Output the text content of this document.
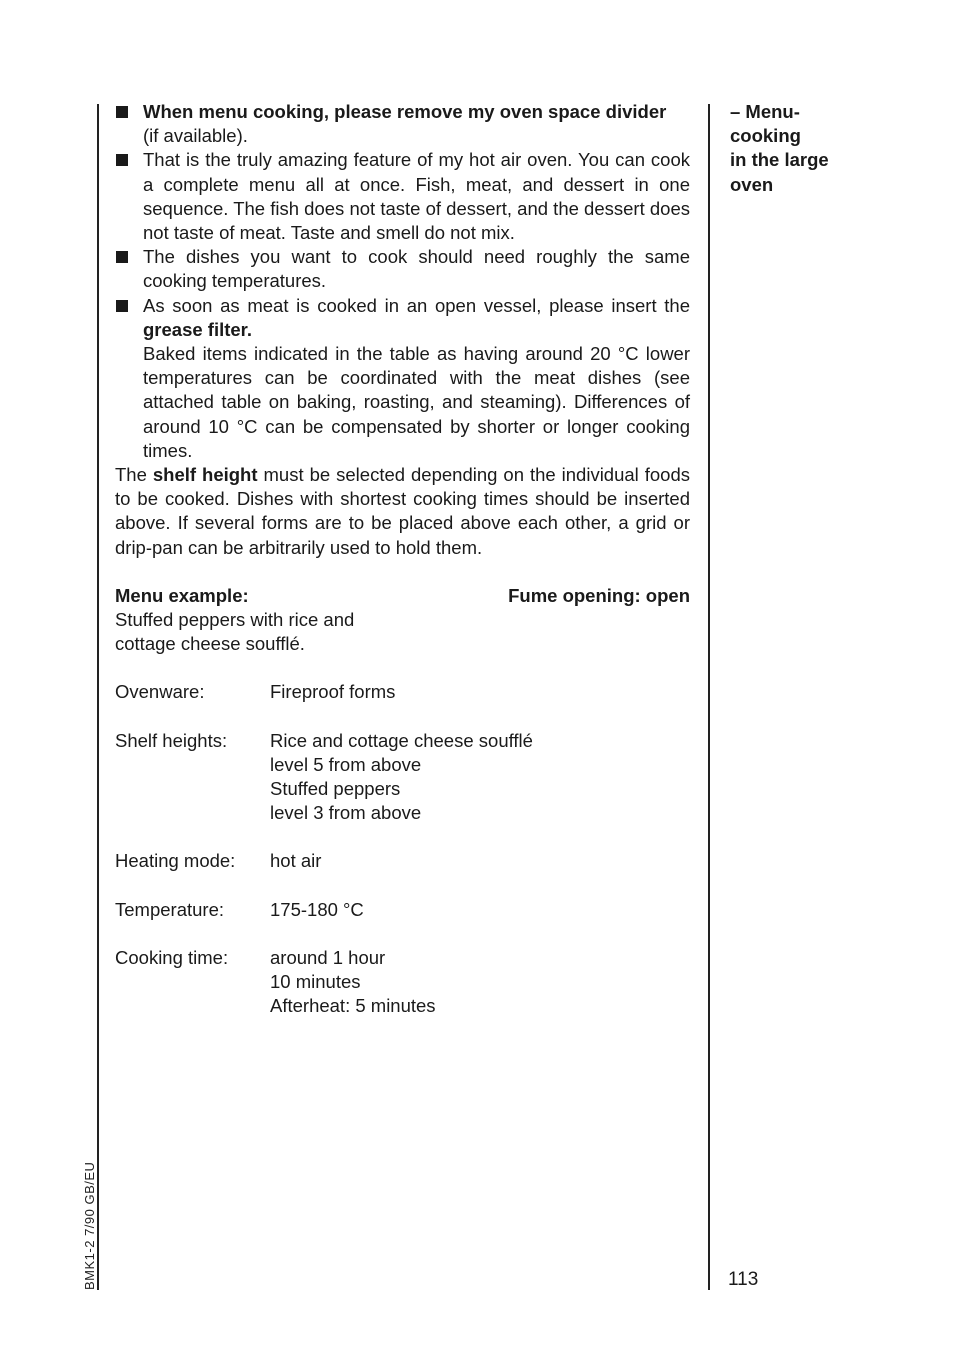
When menu cooking, please remove my oven space divider
(if available).
That is the truly amazing feature of my hot air oven. You can cook a complete menu all at once. Fish, meat, and dessert in one sequence. The fish does not taste of dessert, and the dessert does not taste of meat. Taste and smell do not mix.
The dishes you want to cook should need roughly the same cooking temperatures.
As soon as meat is cooked in an open vessel, please insert the grease filter.
Baked items indicated in the table as having around 20 °C lower temperatures can be coordinated with the meat dishes (see attached table on baking, roasting, and steaming). Differences of around 10 °C can be compensated by shorter or longer cooking times.
The shelf height must be selected depending on the individual foods to be cooked. Dishes with shortest cooking times should be inserted above. If several forms are to be placed above each other, a grid or drip-pan can be arbitrarily used to hold them.
Menu example:	Fume opening: open
Stuffed peppers with rice and
cottage cheese soufflé.
Ovenware:	Fireproof forms
Shelf heights:	Rice and cottage cheese soufflé
level 5 from above
Stuffed peppers
level 3 from above
Heating mode:	hot air
Temperature:	175-180 °C
Cooking time:	around 1 hour
10 minutes
Afterheat: 5 minutes
– Menu-
cooking
in the large
oven
113
BMK1-2 7/90 GB/EU
